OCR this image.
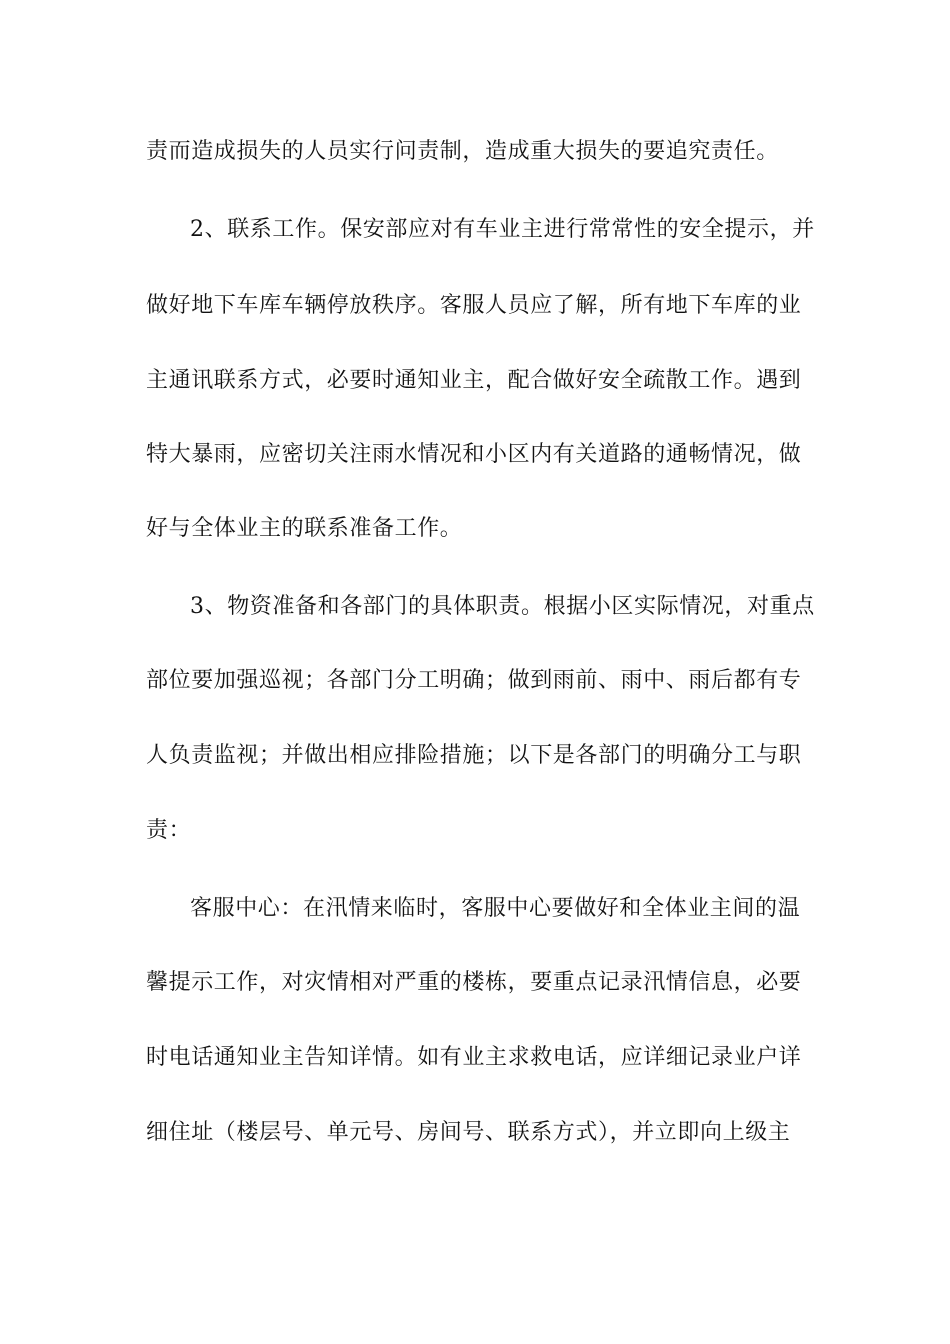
责而造成损失的人员实行问责制，造成重大损失的要追究责任。
2、联系工作。保安部应对有车业主进行常常性的安全提示，并
做好地下车库车辆停放秩序。客服人员应了解，所有地下车库的业
主通讯联系方式，必要时通知业主，配合做好安全疏散工作。遇到
特大暴雨，应密切关注雨水情况和小区内有关道路的通畅情况，做
好与全体业主的联系准备工作。
3、物资准备和各部门的具体职责。根据小区实际情况，对重点
部位要加强巡视；各部门分工明确；做到雨前、雨中、雨后都有专
人负责监视；并做出相应排险措施；以下是各部门的明确分工与职
责：
客服中心：在汛情来临时，客服中心要做好和全体业主间的温
馨提示工作，对灾情相对严重的楼栋，要重点记录汛情信息，必要
时电话通知业主告知详情。如有业主求救电话，应详细记录业户详
细住址（楼层号、单元号、房间号、联系方式），并立即向上级主
